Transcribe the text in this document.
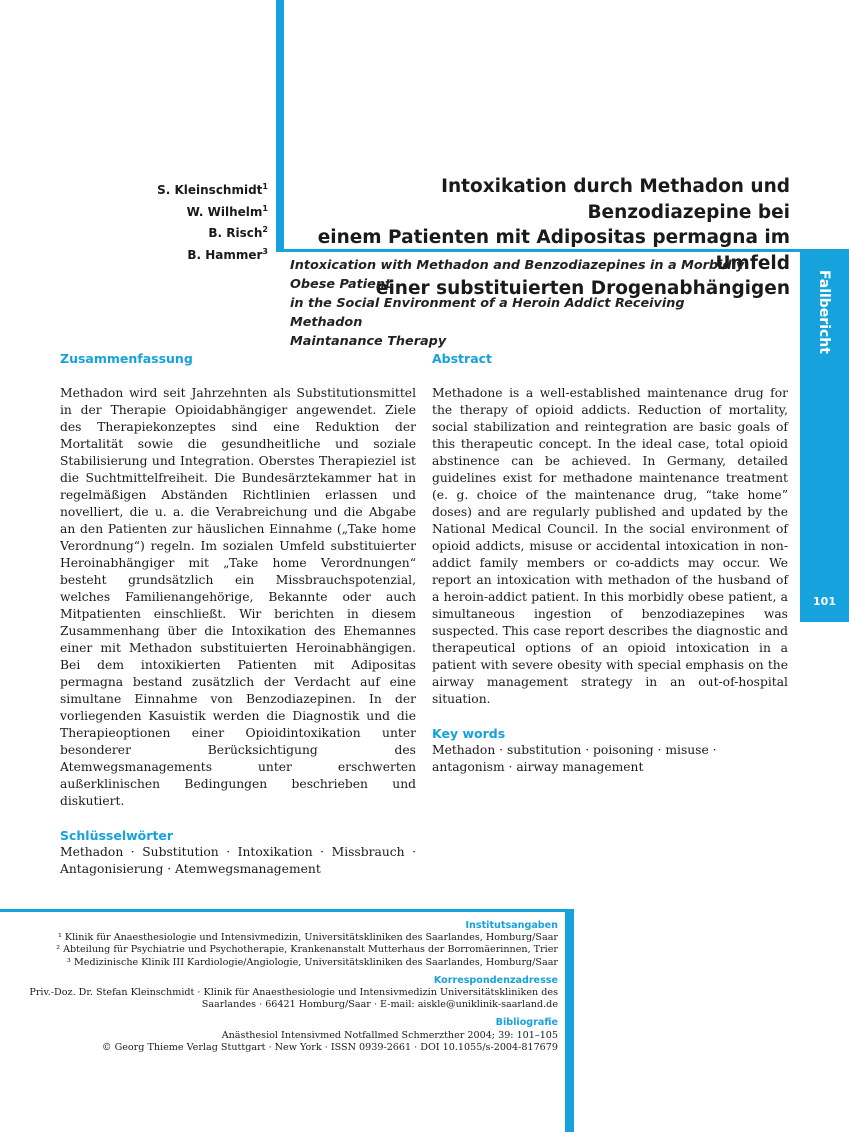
Fallbericht
101
S. Kleinschmidt$^1$
W. Wilhelm$^1$
B. Risch$^2$
B. Hammer$^3$
Intoxikation durch Methadon und Benzodiazepine bei
einem Patienten mit Adipositas permagna im Umfeld
einer substituierten Drogenabhängigen
Intoxication with Methadon and Benzodiazepines in a Morbidly Obese Patient
in the Social Environment of a Heroin Addict Receiving Methadon
Maintanance Therapy
Zusammenfassung

Methadon wird seit Jahrzehnten als Substitutionsmittel in der Therapie Opioidabhängiger angewendet. Ziele des Therapiekonzeptes sind eine Reduktion der Mortalität sowie die gesundheitliche und soziale Stabilisierung und Integration. Oberstes Therapieziel ist die Suchtmittelfreiheit. Die Bundesärztekammer hat in regelmäßigen Abständen Richtlinien erlassen und novelliert, die u. a. die Verabreichung und die Abgabe an den Patienten zur häuslichen Einnahme („Take home Verordnung“) regeln. Im sozialen Umfeld substituierter Heroinabhängiger mit „Take home Verordnungen“ besteht grundsätzlich ein Missbrauchspotenzial, welches Familienangehörige, Bekannte oder auch Mitpatienten einschließt. Wir berichten in diesem Zusammenhang über die Intoxikation des Ehemannes einer mit Methadon substituierten Heroinabhängigen. Bei dem intoxikierten Patienten mit Adipositas permagna bestand zusätzlich der Verdacht auf eine simultane Einnahme von Benzodiazepinen. In der vorliegenden Kasuistik werden die Diagnostik und die Therapieoptionen einer Opioidintoxikation unter besonderer Berücksichtigung des Atemwegsmanagements unter erschwerten außerklinischen Bedingungen beschrieben und diskutiert.

Schlüsselwörter

Methadon · Substitution · Intoxikation · Missbrauch · Antagonisierung · Atemwegsmanagement

Abstract

Methadone is a well-established maintenance drug for the therapy of opioid addicts. Reduction of mortality, social stabilization and reintegration are basic goals of this therapeutic concept. In the ideal case, total opioid abstinence can be achieved. In Germany, detailed guidelines exist for methadone maintenance treatment (e. g. choice of the maintenance drug, “take home” doses) and are regularly published and updated by the National Medical Council. In the social environment of opioid addicts, misuse or accidental intoxication in non-addict family members or co-addicts may occur. We report an intoxication with methadon of the husband of a heroin-addict patient. In this morbidly obese patient, a simultaneous ingestion of benzodiazepines was suspected. This case report describes the diagnostic and therapeutical options of an opioid intoxication in a patient with severe obesity with special emphasis on the airway management strategy in an out-of-hospital situation.

Key words

Methadon · substitution · poisoning · misuse · antagonism · airway management

Institutsangaben
¹ Klinik für Anaesthesiologie und Intensivmedizin, Universitätskliniken des Saarlandes, Homburg/Saar
² Abteilung für Psychiatrie und Psychotherapie, Krankenanstalt Mutterhaus der Borromäerinnen, Trier
³ Medizinische Klinik III Kardiologie/Angiologie, Universitätskliniken des Saarlandes, Homburg/Saar
Korrespondenzadresse
Priv.-Doz. Dr. Stefan Kleinschmidt · Klinik für Anaesthesiologie und Intensivmedizin Universitätskliniken des
Saarlandes · 66421 Homburg/Saar · E-mail: aiskle@uniklinik-saarland.de
Bibliografie
Anästhesiol Intensivmed Notfallmed Schmerzther 2004; 39: 101–105
© Georg Thieme Verlag Stuttgart · New York · ISSN 0939-2661 · DOI 10.1055/s-2004-817679
